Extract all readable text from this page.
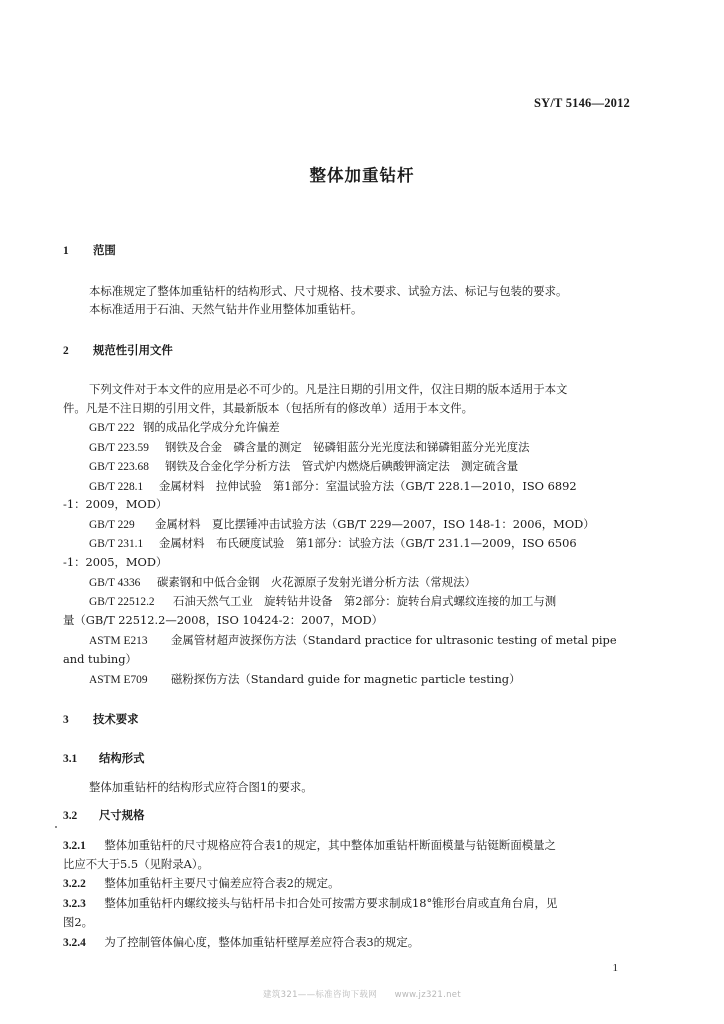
SY/T 5146—2012
整体加重钻杆
1 范围
本标准规定了整体加重钻杆的结构形式、尺寸规格、技术要求、试验方法、标记与包装的要求。
本标准适用于石油、天然气钻井作业用整体加重钻杆。
2 规范性引用文件
下列文件对于本文件的应用是必不可少的。凡是注日期的引用文件，仅注日期的版本适用于本文
件。凡是不注日期的引用文件，其最新版本（包括所有的修改单）适用于本文件。
GB/T 222 钢的成品化学成分允许偏差
GB/T 223.59 钢铁及合金　磷含量的测定　铋磷钼蓝分光光度法和锑磷钼蓝分光光度法
GB/T 223.68 钢铁及合金化学分析方法　管式炉内燃烧后碘酸钾滴定法　测定硫含量
GB/T 228.1 金属材料　拉伸试验　第1部分：室温试验方法（GB/T 228.1—2010，ISO 6892
-1：2009，MOD）
GB/T 229 金属材料　夏比摆锤冲击试验方法（GB/T 229—2007，ISO 148-1：2006，MOD）
GB/T 231.1 金属材料　布氏硬度试验　第1部分：试验方法（GB/T 231.1—2009，ISO 6506
-1：2005，MOD）
GB/T 4336 碳素钢和中低合金钢　火花源原子发射光谱分析方法（常规法）
GB/T 22512.2 石油天然气工业　旋转钻井设备　第2部分：旋转台肩式螺纹连接的加工与测
量（GB/T 22512.2—2008，ISO 10424-2：2007，MOD）
ASTM E213 金属管材超声波探伤方法（Standard practice for ultrasonic testing of metal pipe
and tubing）
ASTM E709 磁粉探伤方法（Standard guide for magnetic particle testing）
3 技术要求
3.1 结构形式
整体加重钻杆的结构形式应符合图1的要求。
3.2 尺寸规格
3.2.1　 整体加重钻杆的尺寸规格应符合表1的规定，其中整体加重钻杆断面模量与钻铤断面模量之
比应不大于5.5（见附录A）。
3.2.2　 整体加重钻杆主要尺寸偏差应符合表2的规定。
3.2.3　 整体加重钻杆内螺纹接头与钻杆吊卡扣合处可按需方要求制成18°锥形台肩或直角台肩，见
图2。
3.2.4　 为了控制管体偏心度，整体加重钻杆壁厚差应符合表3的规定。
1
建筑321——标准咨询下载网　　www.jz321.net
